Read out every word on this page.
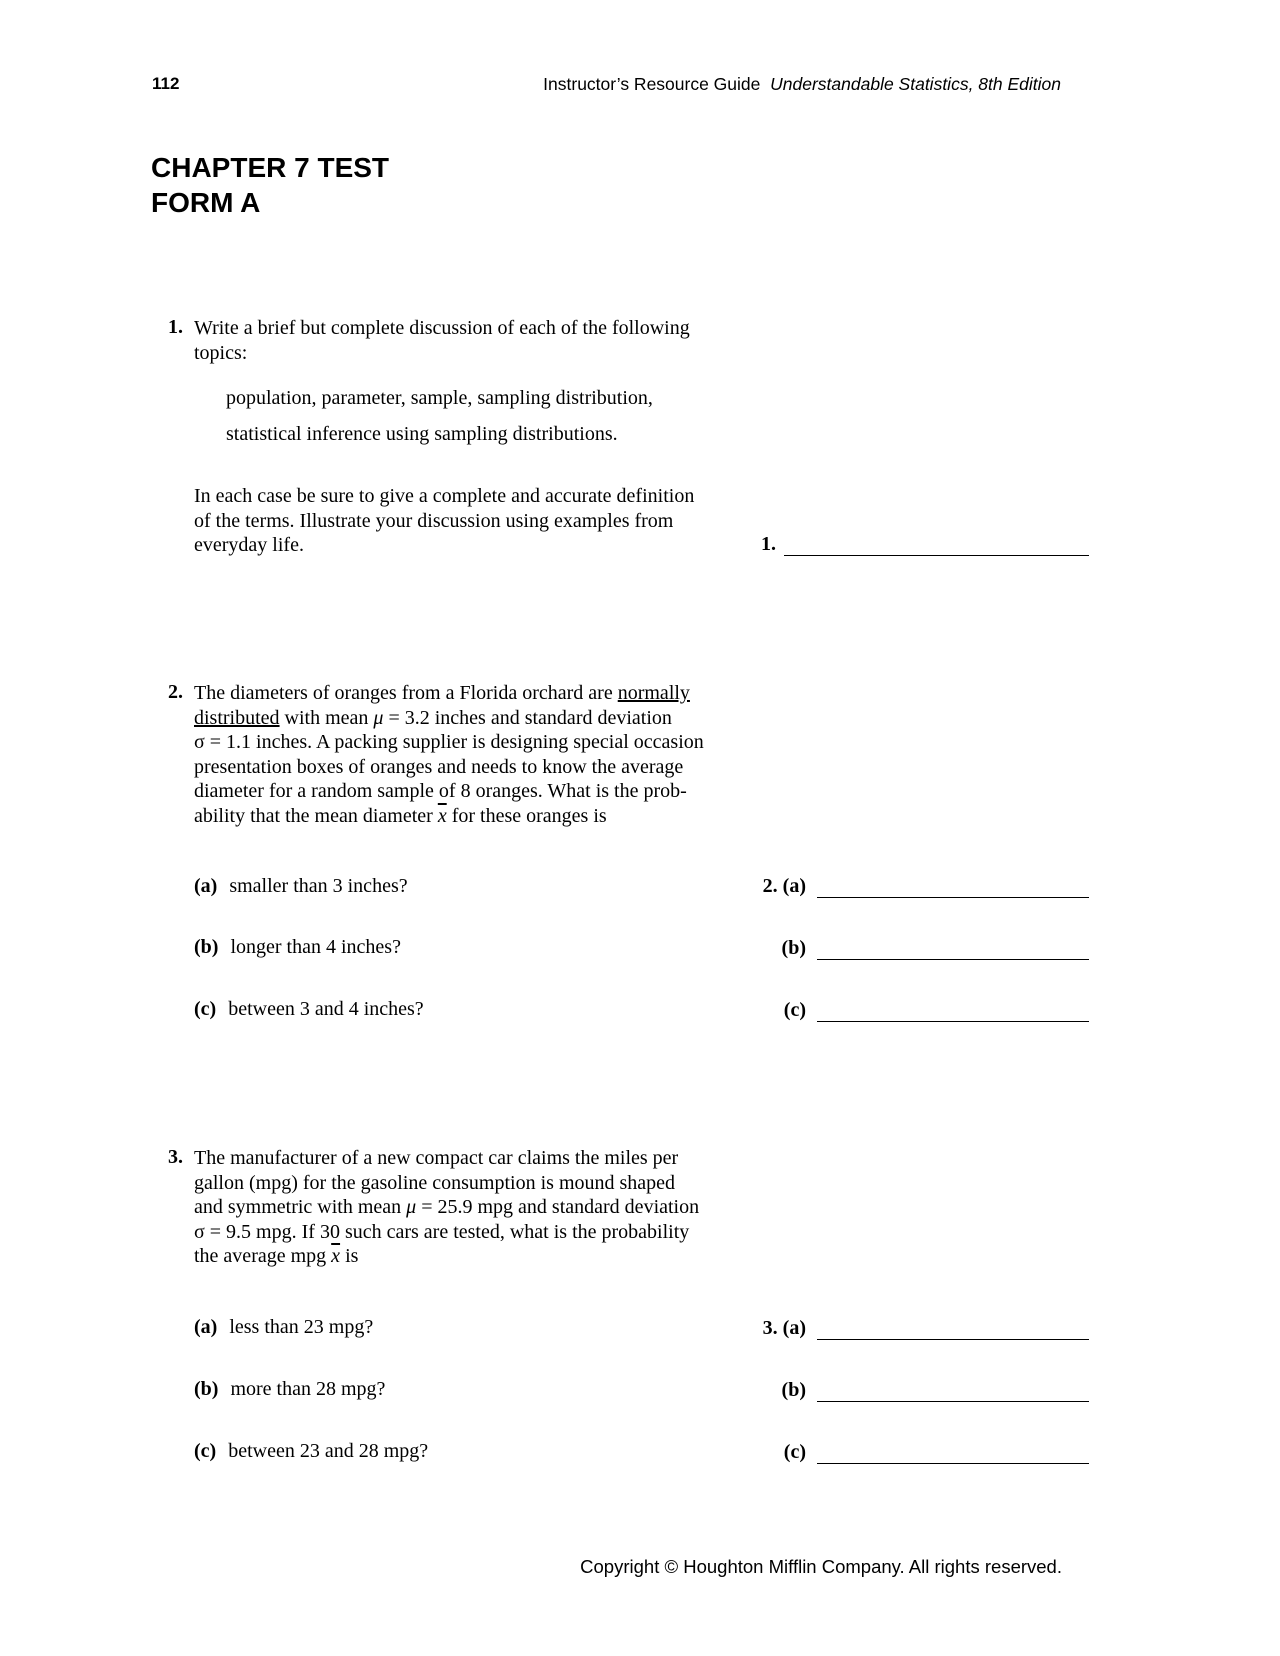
112	Instructor’s Resource Guide Understandable Statistics, 8th Edition
CHAPTER 7 TEST
FORM A
1. Write a brief but complete discussion of each of the following
topics:
population, parameter, sample, sampling distribution,
statistical inference using sampling distributions.
In each case be sure to give a complete and accurate definition
of the terms. Illustrate your discussion using examples from
everyday life.	1.
2. The diameters of oranges from a Florida orchard are normally
distributed with mean μ = 3.2 inches and standard deviation
σ = 1.1 inches. A packing supplier is designing special occasion
presentation boxes of oranges and needs to know the average
diameter for a random sample of 8 oranges. What is the prob-
ability that the mean diameter $\overline{x}$ for these oranges is
(a) smaller than 3 inches?	2. (a)
(b) longer than 4 inches?	(b)
(c) between 3 and 4 inches?	(c)
3. The manufacturer of a new compact car claims the miles per
gallon (mpg) for the gasoline consumption is mound shaped
and symmetric with mean μ = 25.9 mpg and standard deviation
σ = 9.5 mpg. If 30 such cars are tested, what is the probability
the average mpg $\overline{x}$ is
(a) less than 23 mpg?	3. (a)
(b) more than 28 mpg?	(b)
(c) between 23 and 28 mpg?	(c)
Copyright © Houghton Mifflin Company. All rights reserved.
